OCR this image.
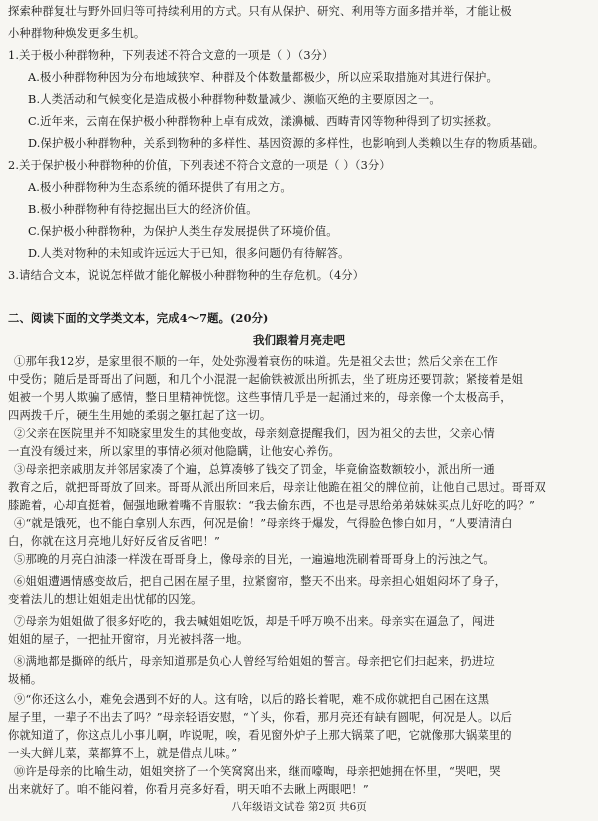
探索种群复壮与野外回归等可持续利用的方式。只有从保护、研究、利用等方面多措并举，才能让极
小种群物种焕发更多生机。
1.关于极小种群物种，下列表述不符合文意的一项是（ ）（3分）
A.极小种群物种因为分布地域狭窄、种群及个体数量都极少，所以应采取措施对其进行保护。
B.人类活动和气候变化是造成极小种群物种数量减少、濒临灭绝的主要原因之一。
C.近年来，云南在保护极小种群物种上卓有成效，漾濞槭、西畴青冈等物种得到了切实拯救。
D.保护极小种群物种，关系到物种的多样性、基因资源的多样性，也影响到人类赖以生存的物质基础。
2.关于保护极小种群物种的价值，下列表述不符合文意的一项是（ ）（3分）
A.极小种群物种为生态系统的循环提供了有用之方。
B.极小种群物种有待挖掘出巨大的经济价值。
C.保护极小种群物种，为保护人类生存发展提供了环境价值。
D.人类对物种的未知或许远远大于已知，很多问题仍有待解答。
3.请结合文本，说说怎样做才能化解极小种群物种的生存危机。（4分）
二、阅读下面的文学类文本，完成4～7题。(20分)
我们跟着月亮走吧
①那年我12岁，是家里很不顺的一年，处处弥漫着衰伤的味道。先是祖父去世；然后父亲在工作
中受伤；随后是哥哥出了问题，和几个小混混一起偷铁被派出所抓去，坐了班房还要罚款；紧接着是姐
姐被一个男人欺骗了感情，整日里精神恍惚。这些事情几乎是一起涌过来的，母亲像一个太极高手，
四两拨千斤，硬生生用她的柔弱之躯扛起了这一切。
②父亲在医院里并不知晓家里发生的其他变故，母亲刻意提醒我们，因为祖父的去世，父亲心情
一直没有缓过来，所以家里的事情必须对他隐瞒，让他安心养伤。
③母亲把亲戚朋友并邻居家凑了个遍，总算凑够了钱交了罚金，毕竟偷盗数额较小，派出所一通
教育之后，就把哥哥放了回来。哥哥从派出所回来后，母亲让他跪在祖父的牌位前，让他自己思过。哥哥双
膝跪着，心却直挺着，倔强地瞅着嘴不肯服软：“我去偷东西，不也是寻思给弟弟妹妹买点儿好吃的吗？”
④“就是饿死，也不能白拿别人东西，何况是偷！”母亲终于爆发，气得脸色惨白如月，“人要清清白
白，你就在这月亮地儿好好反省反省吧！”
⑤那晚的月亮白油漆一样泼在哥哥身上，像母亲的目光，一遍遍地洗刷着哥哥身上的污浊之气。
⑥姐姐遭遇情感变故后，把自己困在屋子里，拉紧窗帘，整天不出来。母亲担心姐姐闷坏了身子，
变着法儿的想让姐姐走出忧郁的囚笼。
⑦母亲为姐姐做了很多好吃的，我去喊姐姐吃饭，却是千呼万唤不出来。母亲实在逼急了，闯进
姐姐的屋子，一把扯开窗帘，月光被抖落一地。
⑧满地都是撕碎的纸片，母亲知道那是负心人曾经写给姐姐的誓言。母亲把它们扫起来，扔进垃
圾桶。
⑨“你还这么小，难免会遇到不好的人。这有啥，以后的路长着呢，难不成你就把自己困在这黑
屋子里，一辈子不出去了吗？”母亲轻语安慰，“丫头，你看，那月亮还有缺有圆呢，何况是人。以后
你就知道了，你这点儿小事儿啊，咋说呢，唉，看见窗外炉子上那大锅菜了吧，它就像那大锅菜里的
一头大鲜儿菜，菜都算不上，就是借点儿味。”
⑩许是母亲的比喻生动，姐姐突挤了一个笑窝窝出来，继而嚎啕，母亲把她拥在怀里，“哭吧，哭
出来就好了。咱不能闷着，你看月亮多好看，明天咱不去瞅上两眼吧！”
八年级语文试卷 第2页 共6页
